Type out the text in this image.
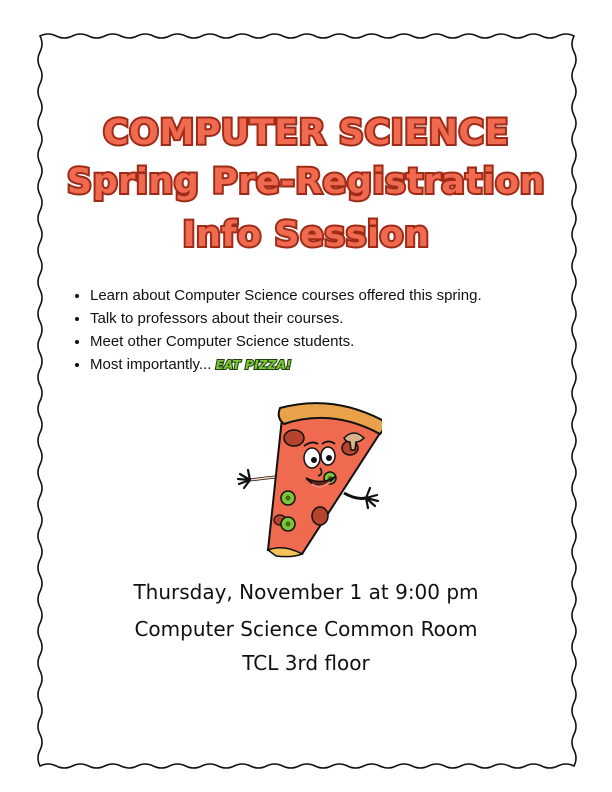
COMPUTER SCIENCE
Spring Pre-Registration
Info Session
Learn about Computer Science courses offered this spring.
Talk to professors about their courses.
Meet other Computer Science students.
Most importantly... EAT PIZZA!
Thursday, November 1 at 9:00 pm
Computer Science Common Room
TCL 3rd floor
